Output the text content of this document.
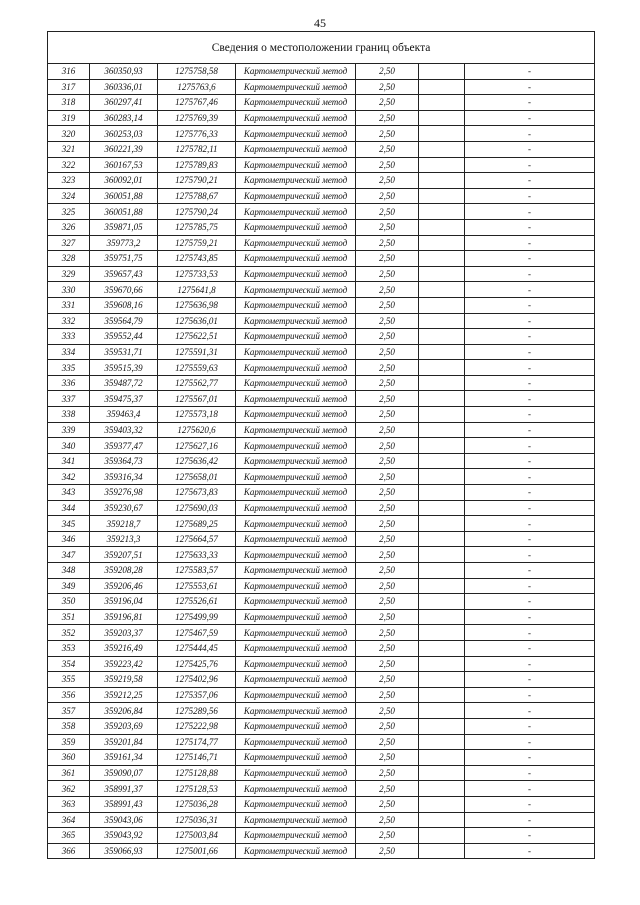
45
Сведения о местоположении границ объекта						
316	360350,93	1275758,58	Картометрический метод	2,50		-
317	360336,01	1275763,6	Картометрический метод	2,50		-
318	360297,41	1275767,46	Картометрический метод	2,50		-
319	360283,14	1275769,39	Картометрический метод	2,50		-
320	360253,03	1275776,33	Картометрический метод	2,50		-
321	360221,39	1275782,11	Картометрический метод	2,50		-
322	360167,53	1275789,83	Картометрический метод	2,50		-
323	360092,01	1275790,21	Картометрический метод	2,50		-
324	360051,88	1275788,67	Картометрический метод	2,50		-
325	360051,88	1275790,24	Картометрический метод	2,50		-
326	359871,05	1275785,75	Картометрический метод	2,50		-
327	359773,2	1275759,21	Картометрический метод	2,50		-
328	359751,75	1275743,85	Картометрический метод	2,50		-
329	359657,43	1275733,53	Картометрический метод	2,50		-
330	359670,66	1275641,8	Картометрический метод	2,50		-
331	359608,16	1275636,98	Картометрический метод	2,50		-
332	359564,79	1275636,01	Картометрический метод	2,50		-
333	359552,44	1275622,51	Картометрический метод	2,50		-
334	359531,71	1275591,31	Картометрический метод	2,50		-
335	359515,39	1275559,63	Картометрический метод	2,50		-
336	359487,72	1275562,77	Картометрический метод	2,50		-
337	359475,37	1275567,01	Картометрический метод	2,50		-
338	359463,4	1275573,18	Картометрический метод	2,50		-
339	359403,32	1275620,6	Картометрический метод	2,50		-
340	359377,47	1275627,16	Картометрический метод	2,50		-
341	359364,73	1275636,42	Картометрический метод	2,50		-
342	359316,34	1275658,01	Картометрический метод	2,50		-
343	359276,98	1275673,83	Картометрический метод	2,50		-
344	359230,67	1275690,03	Картометрический метод	2,50		-
345	359218,7	1275689,25	Картометрический метод	2,50		-
346	359213,3	1275664,57	Картометрический метод	2,50		-
347	359207,51	1275633,33	Картометрический метод	2,50		-
348	359208,28	1275583,57	Картометрический метод	2,50		-
349	359206,46	1275553,61	Картометрический метод	2,50		-
350	359196,04	1275526,61	Картометрический метод	2,50		-
351	359196,81	1275499,99	Картометрический метод	2,50		-
352	359203,37	1275467,59	Картометрический метод	2,50		-
353	359216,49	1275444,45	Картометрический метод	2,50		-
354	359223,42	1275425,76	Картометрический метод	2,50		-
355	359219,58	1275402,96	Картометрический метод	2,50		-
356	359212,25	1275357,06	Картометрический метод	2,50		-
357	359206,84	1275289,56	Картометрический метод	2,50		-
358	359203,69	1275222,98	Картометрический метод	2,50		-
359	359201,84	1275174,77	Картометрический метод	2,50		-
360	359161,34	1275146,71	Картометрический метод	2,50		-
361	359090,07	1275128,88	Картометрический метод	2,50		-
362	358991,37	1275128,53	Картометрический метод	2,50		-
363	358991,43	1275036,28	Картометрический метод	2,50		-
364	359043,06	1275036,31	Картометрический метод	2,50		-
365	359043,92	1275003,84	Картометрический метод	2,50		-
366	359066,93	1275001,66	Картометрический метод	2,50		-
